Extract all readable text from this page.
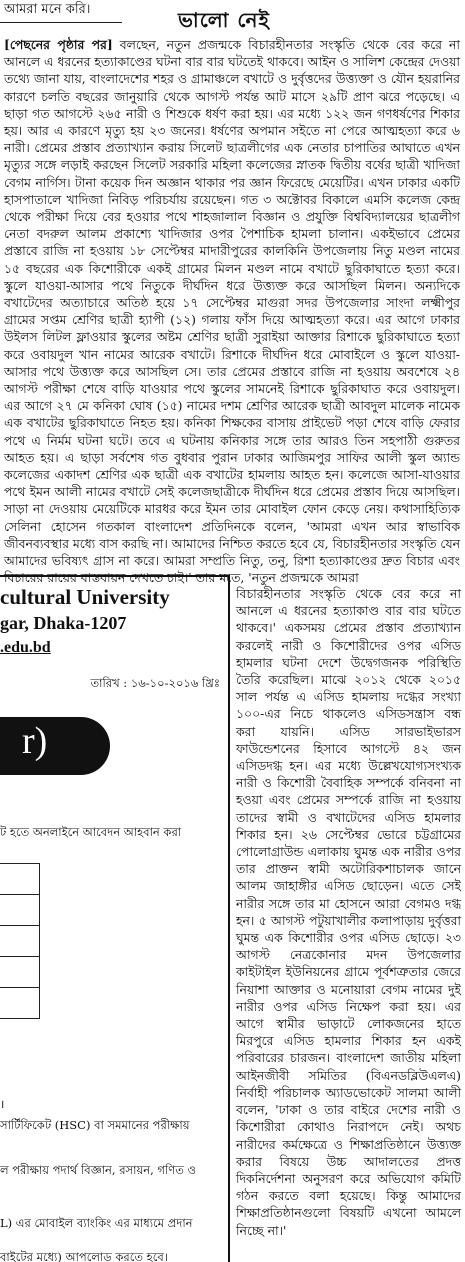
আমরা মনে করি।	ভালো নেই

[পেছনের পৃষ্ঠার পর] বলছেন, নতুন প্রজন্মকে বিচারহীনতার সংস্কৃতি থেকে বের করে না আনলে এ ধরনের হত্যাকাণ্ডের ঘটনা বার বার ঘটতেই থাকবে। আইন ও সালিশ কেন্দ্রের দেওয়া তথ্যে জানা যায়, বাংলাদেশের শহর ও গ্রামাঞ্চলে বখাটে ও দুর্বৃত্তদের উত্ত্যক্তা ও যৌন হয়রানির কারণে চলতি বছরের জানুয়ারি থেকে আগস্ট পর্যন্ত আট মাসে ২৯টি প্রাণ ঝরে পড়েছে। এ ছাড়া গত আগস্টে ২৬৫ নারী ও শিশুকে ধর্ষণ করা হয়। এর মধ্যে ১২২ জন গণধর্ষণের শিকার হয়। আর এ কারণে মৃত্যু হয় ২৩ জনের। ধর্ষণের অপমান সইতে না পেরে আত্মহত্যা করে ৬ নারী। প্রেমের প্রস্তাব প্রত্যাখ্যান করায় সিলেট ছাত্রলীগের এক নেতার চাপাতির আঘাতে এখন মৃত্যুর সঙ্গে লড়াই করছেন সিলেট সরকারি মহিলা কলেজের স্নাতক দ্বিতীয় বর্ষের ছাত্রী খাদিজা বেগম নার্গিস। টানা কয়েক দিন অজ্ঞান থাকার পর জ্ঞান ফিরেছে মেয়েটির। এখন ঢাকার একটি হাসপাতালে খাদিজা নিবিড় পরিচর্যায় রয়েছেন। গত ৩ অক্টোবর বিকালে এমসি কলেজ কেন্দ্র থেকে পরীক্ষা দিয়ে বের হওয়ার পথে শাহজালাল বিজ্ঞান ও প্রযুক্তি বিশ্ববিদ্যালয়ের ছাত্রলীগ নেতা বদরুল আলম প্রকাশ্যে খাদিজার ওপর পৈশাচিক হামলা চালান। একইভাবে প্রেমের প্রস্তাবে রাজি না হওয়ায় ১৮ সেপ্টেম্বর মাদারীপুরের কালকিনি উপজেলায় নিতু মণ্ডল নামের ১৫ বছরের এক কিশোরীকে একই গ্রামের মিলন মণ্ডল নামে বখাটে ছুরিকাঘাতে হত্যা করে। স্কুলে যাওয়া-আসার পথে নিতুকে দীর্ঘদিন ধরে উত্ত্যক্ত করে আসছিল মিলন। অন্যদিকে বখাটেদের অত্যাচারে অতিষ্ঠ হয়ে ১৭ সেপ্টেম্বর মাগুরা সদর উপজেলার সাংদা লক্ষ্মীপুর গ্রামের সপ্তম শ্রেণির ছাত্রী হ্যাপী (১২) গলায় ফাঁস দিয়ে আত্মহত্যা করে। এর আগে ঢাকার উইলস লিটল ফ্লাওয়ার স্কুলের অষ্টম শ্রেণির ছাত্রী সুরাইয়া আক্তার রিশাকে ছুরিকাঘাতে হত্যা করে ওবায়দুল খান নামের আরেক বখাটে। রিশাকে দীর্ঘদিন ধরে মোবাইলে ও স্কুলে যাওয়া-আসার পথে উত্ত্যক্ত করে আসছিল সে। তার প্রেমের প্রস্তাবে রাজি না হওয়ায় অবশেষে ২৪ আগস্ট পরীক্ষা শেষে বাড়ি যাওয়ার পথে স্কুলের সামনেই রিশাকে ছুরিকাঘাত করে ওবায়দুল। এর আগে ২৭ মে কনিকা ঘোষ (১৫) নামের দশম শ্রেণির আরেক ছাত্রী আবদুল মালেক নামেক এক বখাটের ছুরিকাঘাতে নিহত হয়। কনিকা শিক্ষকের বাসায় প্রাইভেট পড়া শেষে বাড়ি ফেরার পথে এ নির্মম ঘটনা ঘটে। তবে এ ঘটনায় কনিকার সঙ্গে তার আরও তিন সহপাঠী গুরুতর আহত হয়। এ ছাড়া সর্বশেষ গত বুধবার পুরান ঢাকার আজিমপুর সাফির আলী স্কুল অ্যান্ড কলেজের একাদশ শ্রেণির এক ছাত্রী এক বখাটের হামলায় আহত হন। কলেজে আসা-যাওয়ার পথে ইমন আলী নামের বখাটে সেই কলেজছাত্রীকে দীর্ঘদিন ধরে প্রেমের প্রস্তাব দিয়ে আসছিল। সাড়া না দেওয়ায় মেয়েটিকে মারধর করে ইমন তার মোবাইল ফোন কেড়ে নেয়। কথাসাহিত্যিক সেলিনা হোসেন গতকাল বাংলাদেশ প্রতিদিনকে বলেন, 'আমরা এখন আর স্বাভাবিক জীবনব্যবস্থার মধ্যে বাস করছি না। আমাদের নিশ্চিত করতে হবে যে, বিচারহীনতার সংস্কৃতি যেন আমাদের ভবিষ্যৎ গ্রাস না করে। আমরা সম্প্রতি নিতু, তনু, রিশা হত্যাকাণ্ডের দ্রুত বিচার এবং বিচারের রায়ের বাস্তবায়ন দেখতে চাই।' তার মতে, 'নতুন প্রজন্মকে আমরা

বিচারহীনতার সংস্কৃতি থেকে বের করে না আনলে এ ধরনের হত্যাকাণ্ড বার বার ঘটতে থাকবে।' একসময় প্রেমের প্রস্তাব প্রত্যাখ্যান করলেই নারী ও কিশোরীদের ওপর এসিড হামলার ঘটনা দেশে উদ্বেগজনক পরিস্থিতি তৈরি করেছিল। মাঝে ২০১২ থেকে ২০১৫ সাল পর্যন্ত এ এসিড হামলায় দগ্ধের সংখ্যা ১০০-এর নিচে থাকলেও এসিডসন্ত্রাস বন্ধ করা যায়নি। এসিড সারভাইভারস ফাউন্ডেশনের হিসাবে আগস্টে ৪২ জন এসিডদগ্ধ হন। এর মধ্যে উল্লেখযোগ্যসংখ্যক নারী ও কিশোরী বৈবাহিক সম্পর্কে বনিবনা না হওয়া এবং প্রেমের সম্পর্কে রাজি না হওয়ায় তাদের স্বামী ও বখাটেদের এসিড হামলার শিকার হন। ২৬ সেপ্টেম্বর ভোরে চট্টগ্রামের পোলোগ্রাউন্ড এলাকায় ঘুমন্ত এক নারীর ওপর তার প্রাক্তন স্বামী অটোরিকশাচালক জানে আলম জাহাঙ্গীর এসিড ছোড়েন। এতে সেই নারীর সঙ্গে তার মা হোসনে আরা বেগমও দগ্ধ হন। ৫ আগস্ট পটুয়াখালীর কলাপাড়ায় দুর্বৃত্তরা ঘুমন্ত এক কিশোরীর ওপর এসিড ছোড়ে। ২৩ আগস্ট নেত্রকোনার মদন উপজেলার কাইটাইল ইউনিয়নের গ্রামে পূর্বশত্রুতার জেরে নিয়াশা আক্তার ও মনোয়ারা বেগম নামের দুই নারীর ওপর এসিড নিক্ষেপ করা হয়। এর আগে স্বামীর ভাড়াটে লোকজনের হাতে মিরপুরে এসিড হামলার শিকার হন একই পরিবারের চারজন। বাংলাদেশ জাতীয় মহিলা আইনজীবী সমিতির (বিএনডব্লিউএলএ) নির্বাহী পরিচালক অ্যাডভোকেট সালমা আলী বলেন, 'ঢাকা ও তার বাইরে দেশের নারী ও কিশোরীরা কোথাও নিরাপদে নেই। অথচ নারীদের কর্মক্ষেত্রে ও শিক্ষাপ্রতিষ্ঠানে উত্ত্যক্ত করার বিষয়ে উচ্চ আদালতের প্রদত্ত দিকনির্দেশনা অনুসরণ করে অভিযোগ কমিটি গঠন করতে বলা হয়েছে। কিন্তু আমাদের শিক্ষাপ্রতিষ্ঠানগুলো বিষয়টি এখনো আমলে নিচ্ছে না।'

cultural University
gar, Dhaka-1207
.edu.bd
তারিখ : ১৬-১০-২০১৬ খ্রিঃ
r)
ট হতে অনলাইনে আবেদন আহবান করা
।
সার্টিফিকেট (HSC) বা সমমানের পরীক্ষায়
ল পরীক্ষায় পদার্থ বিজ্ঞান, রসায়ন, গণিত ও
L) এর মোবাইল ব্যাংকিং এর মাধ্যমে প্রদান
বাইটের মধ্যে) আপলোড করতে হবে।
